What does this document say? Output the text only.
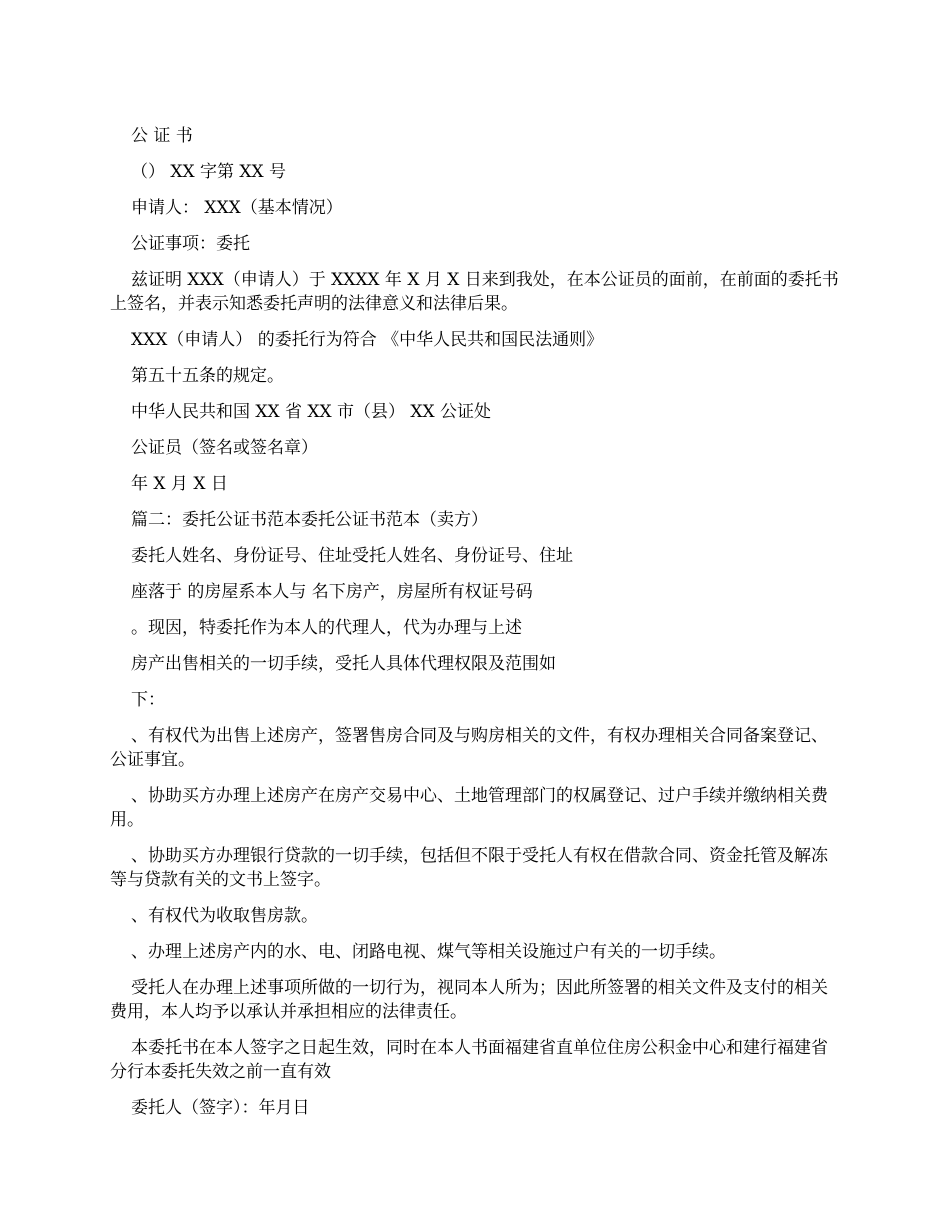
公 证 书

（） XX 字第 XX 号

申请人： XXX（基本情况）

公证事项：委托

兹证明 XXX（申请人）于 XXXX 年 X 月 X 日来到我处，在本公证员的面前，在前面的委托书上签名，并表示知悉委托声明的法律意义和法律后果。

XXX（申请人） 的委托行为符合 《中华人民共和国民法通则》

第五十五条的规定。

中华人民共和国 XX 省 XX 市（县） XX 公证处

公证员（签名或签名章）

年 X 月 X 日

篇二：委托公证书范本委托公证书范本（卖方）

委托人姓名、身份证号、住址受托人姓名、身份证号、住址

座落于 的房屋系本人与 名下房产，房屋所有权证号码

。现因，特委托作为本人的代理人，代为办理与上述

房产出售相关的一切手续，受托人具体代理权限及范围如

下：

、有权代为出售上述房产，签署售房合同及与购房相关的文件，有权办理相关合同备案登记、公证事宜。

、协助买方办理上述房产在房产交易中心、土地管理部门的权属登记、过户手续并缴纳相关费用。

、协助买方办理银行贷款的一切手续，包括但不限于受托人有权在借款合同、资金托管及解冻等与贷款有关的文书上签字。

、有权代为收取售房款。

、办理上述房产内的水、电、闭路电视、煤气等相关设施过户有关的一切手续。

受托人在办理上述事项所做的一切行为，视同本人所为；因此所签署的相关文件及支付的相关费用，本人均予以承认并承担相应的法律责任。

本委托书在本人签字之日起生效，同时在本人书面福建省直单位住房公积金中心和建行福建省分行本委托失效之前一直有效

委托人（签字）：年月日
